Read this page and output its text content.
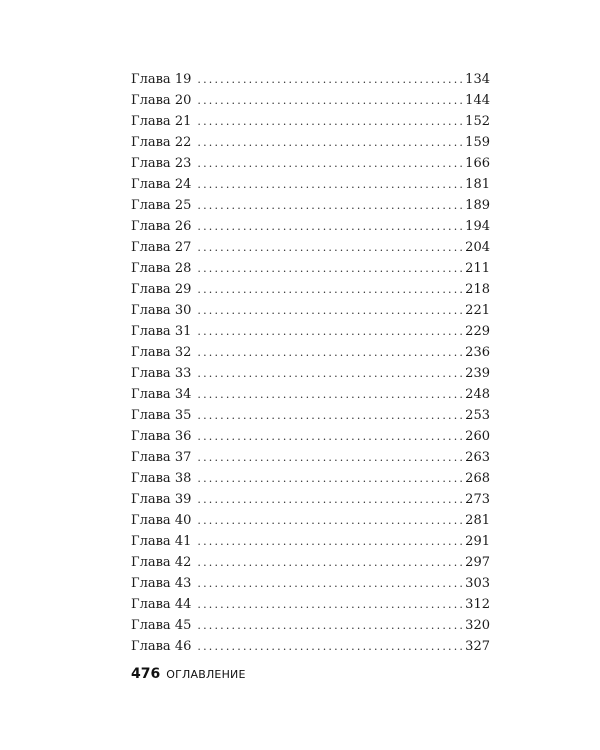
Глава 19 .....	134
Глава 20 .....	144
Глава 21 .....	152
Глава 22 .....	159
Глава 23 .....	166
Глава 24 .....	181
Глава 25 .....	189
Глава 26 .....	194
Глава 27 .....	204
Глава 28 .....	211
Глава 29 .....	218
Глава 30 .....	221
Глава 31 .....	229
Глава 32 .....	236
Глава 33 .....	239
Глава 34 .....	248
Глава 35 .....	253
Глава 36 .....	260
Глава 37 .....	263
Глава 38 .....	268
Глава 39 .....	273
Глава 40 .....	281
Глава 41 .....	291
Глава 42 .....	297
Глава 43 .....	303
Глава 44 .....	312
Глава 45 .....	320
Глава 46 .....	327
476 ОГЛАВЛЕНИЕ
